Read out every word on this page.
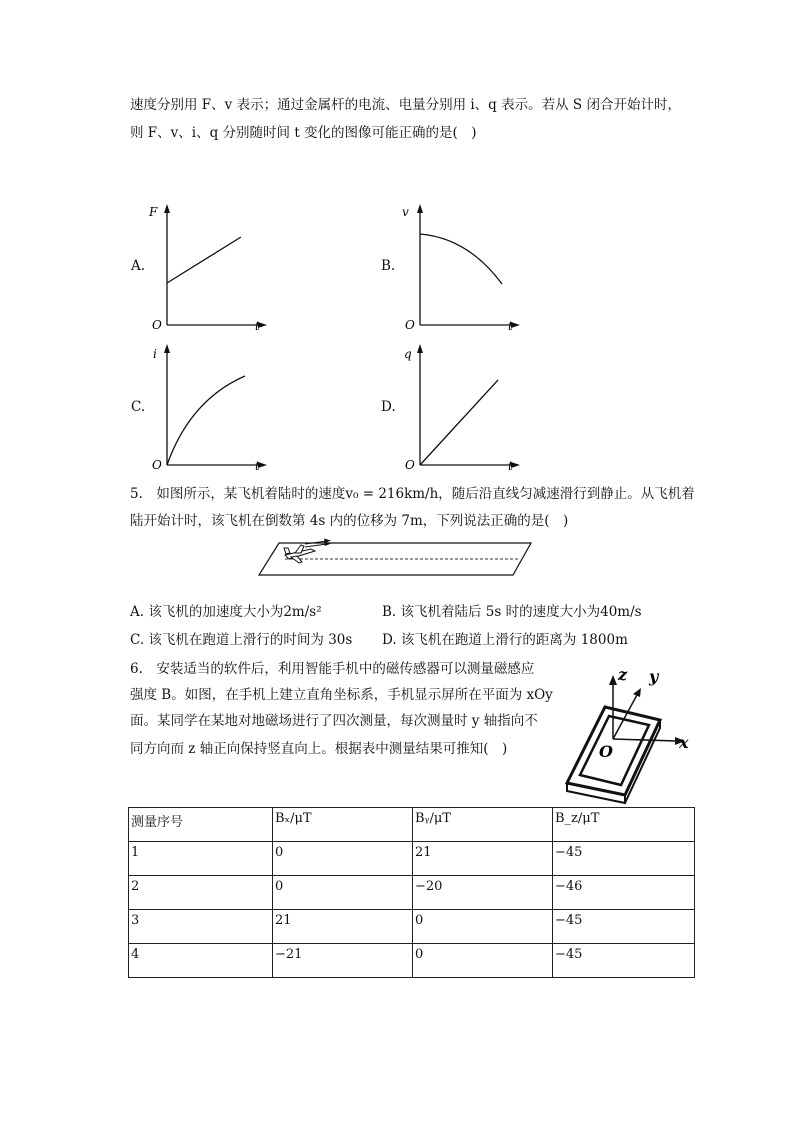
速度分别用 F、v 表示；通过金属杆的电流、电量分别用 i、q 表示。若从 S 闭合开始计时，
则 F、v、i、q 分别随时间 t 变化的图像可能正确的是(　)
A.
F
O	t
B.
v
O	t
C.
i
O	t
D.
q
O	t
5.　如图所示，某飞机着陆时的速度v₀ = 216km/h，随后沿直线匀减速滑行到静止。从飞机着
陆开始计时，该飞机在倒数第 4s 内的位移为 7m，下列说法正确的是(　)
A. 该飞机的加速度大小为2m/s²	B. 该飞机着陆后 5s 时的速度大小为40m/s
C. 该飞机在跑道上滑行的时间为 30s D. 该飞机在跑道上滑行的距离为 1800m
6.　安装适当的软件后，利用智能手机中的磁传感器可以测量磁感应
强度 B。如图，在手机上建立直角坐标系，手机显示屏所在平面为 xOy
面。某同学在某地对地磁场进行了四次测量，每次测量时 y 轴指向不
同方向而 z 轴正向保持竖直向上。根据表中测量结果可推知(　)
z y
x
O
测量序号	Bₓ/μT	Bᵧ/μT	B_z/μT
1	0	21	−45
2	0	−20	−46
3	21	0	−45
4	−21	0	−45
